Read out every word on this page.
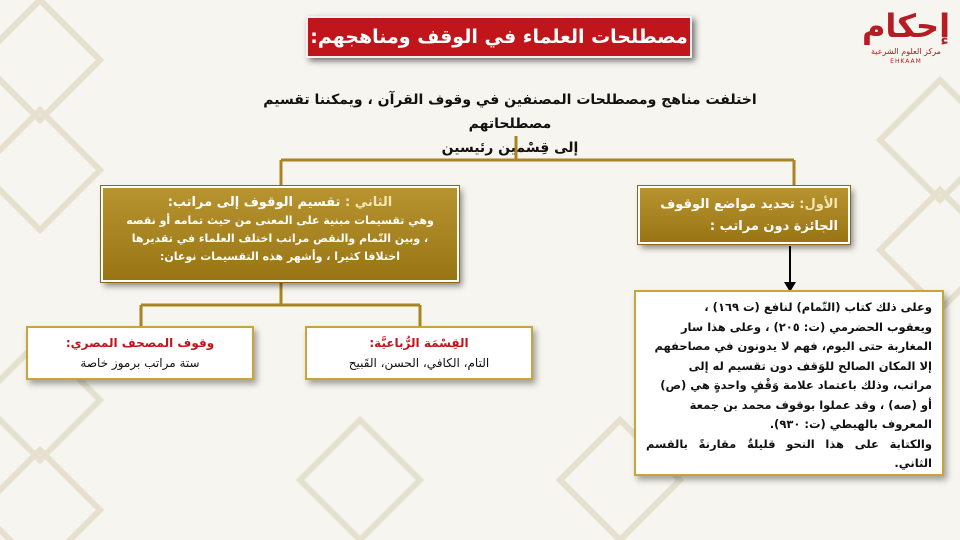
مصطلحات العلماء في الوقف ومناهجهم:	إحكام
مركز العلوم الشرعية
EHKAAM
اختلفت مناهج ومصطلحات المصنفين في وقوف القرآن ، ويمكننا تقسيم مصطلحاتهم
إلى قِسْمين رئيسين
الأول: تحديد مواضع الوقوف الجائزة دون مراتب :
الثاني : تقسيم الوقوف إلى مراتب:
وهي تقسيمات مبنية على المعنى من حيث تمامه أو نقصه
، وبين التّمام والنقص مراتب اختلف العلماء في تقديرها
اختلافا كثيرا ، وأشهر هذه التقسيمات نوعان:
القِسْمَة الرُّباعيَّة:
التام، الكافي، الحسن، القَبيح
وقوف المصحف المصري:
ستة مراتب برموز خاصة
وعلى ذلك كتاب (التّمام) لنافع (ت ١٦٩) ،
ويعقوب الحضرمي (ت: ٢٠٥) ، وعلى هذا سار
المغاربة حتى اليوم، فهم لا يدونون في مصاحفهم
إلا المكان الصالح للوَقف دون تقسيم له إلى
مراتب، وذلك باعتماد علامة وَقْفٍ واحدةٍ هي (ص)
أو (صه) ، وقد عملوا بوقوف محمد بن جمعة
المعروف بالهبطي (ت: ٩٣٠).
والكتابة على هذا النحو قليلةٌ مقارنةً بالقسم الثاني.
